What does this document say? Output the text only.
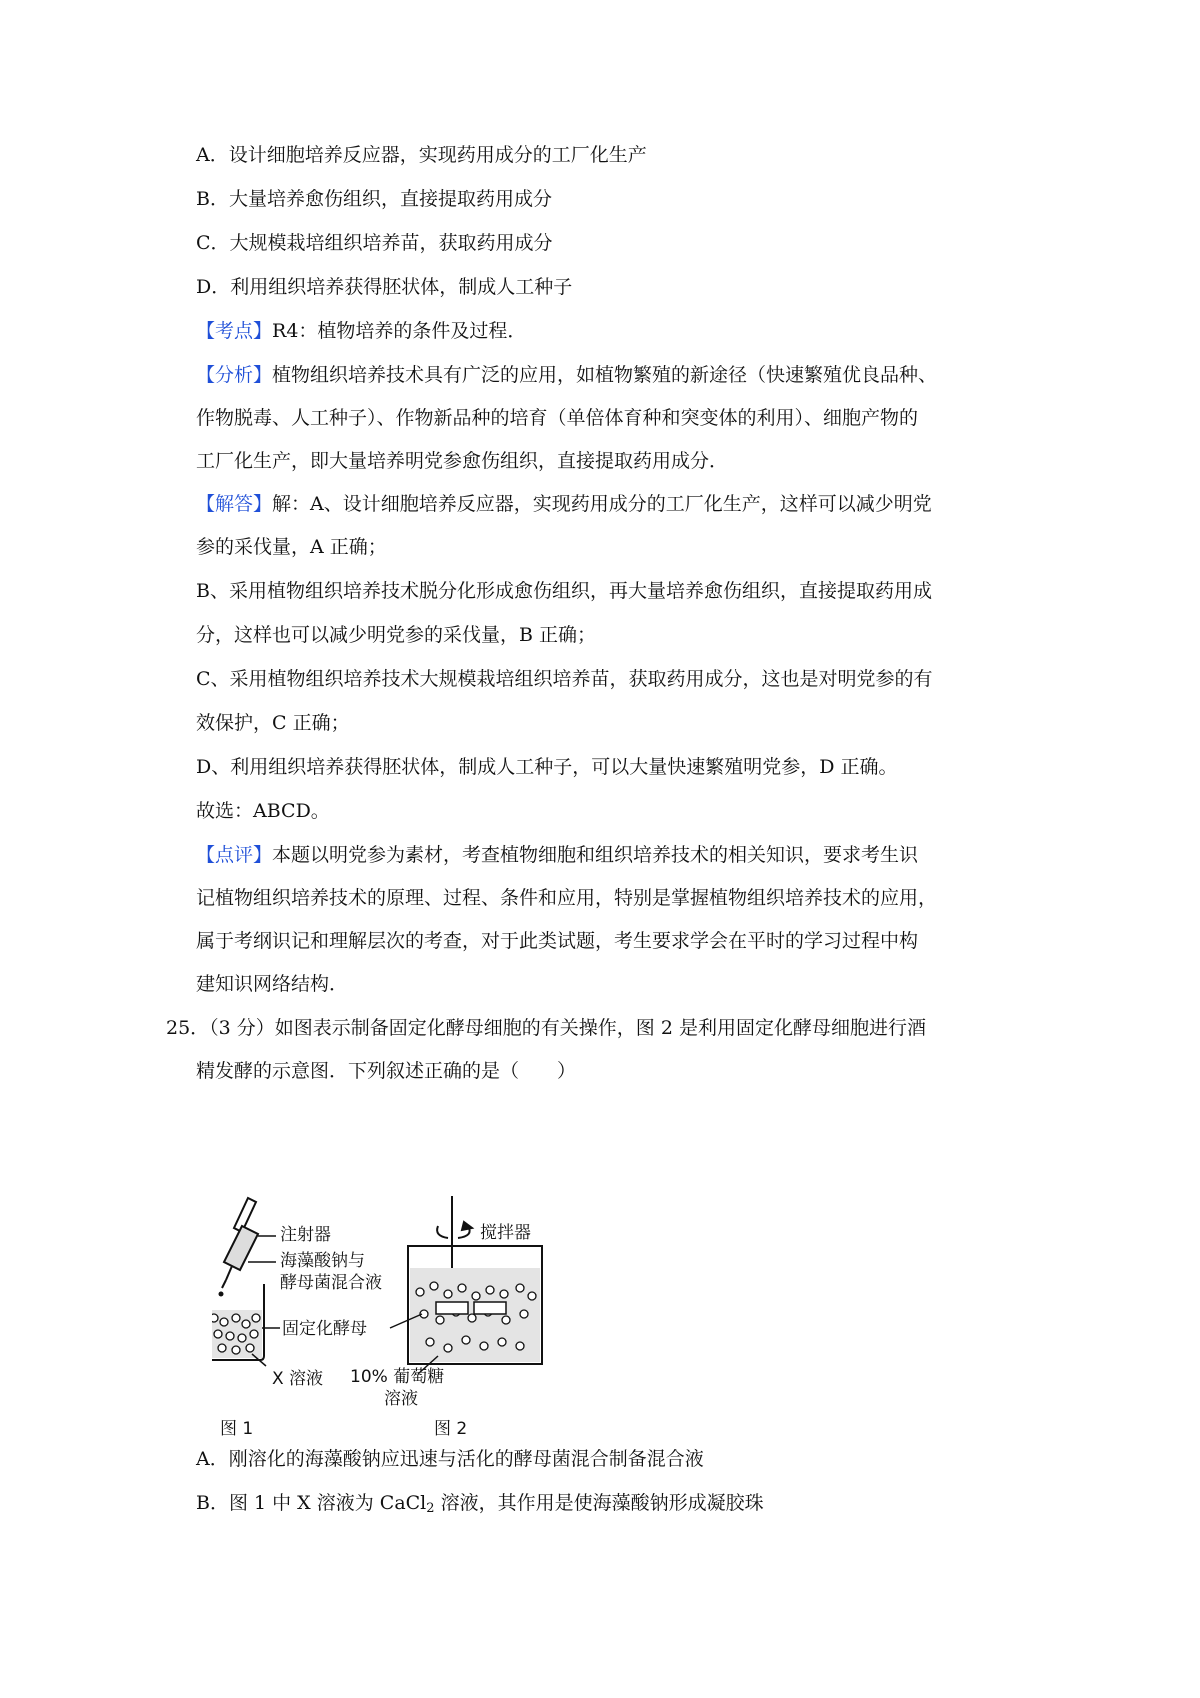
A．设计细胞培养反应器，实现药用成分的工厂化生产
B．大量培养愈伤组织，直接提取药用成分
C．大规模栽培组织培养苗，获取药用成分
D．利用组织培养获得胚状体，制成人工种子
【考点】R4：植物培养的条件及过程．
【分析】植物组织培养技术具有广泛的应用，如植物繁殖的新途径（快速繁殖优良品种、
作物脱毒、人工种子）、作物新品种的培育（单倍体育种和突变体的利用）、细胞产物的
工厂化生产，即大量培养明党参愈伤组织，直接提取药用成分．
【解答】解：A、设计细胞培养反应器，实现药用成分的工厂化生产，这样可以减少明党
参的采伐量，A 正确；
B、采用植物组织培养技术脱分化形成愈伤组织，再大量培养愈伤组织，直接提取药用成
分，这样也可以减少明党参的采伐量，B 正确；
C、采用植物组织培养技术大规模栽培组织培养苗，获取药用成分，这也是对明党参的有
效保护，C 正确；
D、利用组织培养获得胚状体，制成人工种子，可以大量快速繁殖明党参，D 正确。
故选：ABCD。
【点评】本题以明党参为素材，考查植物细胞和组织培养技术的相关知识，要求考生识
记植物组织培养技术的原理、过程、条件和应用，特别是掌握植物组织培养技术的应用，
属于考纲识记和理解层次的考查，对于此类试题，考生要求学会在平时的学习过程中构
建知识网络结构．
25．（3 分）如图表示制备固定化酵母细胞的有关操作，图 2 是利用固定化酵母细胞进行酒
精发酵的示意图．下列叙述正确的是（　　）
注射器
海藻酸钠与
酵母菌混合液
固定化酵母
X 溶液
图 1
搅拌器
10% 葡萄糖
溶液
图 2
A．刚溶化的海藻酸钠应迅速与活化的酵母菌混合制备混合液
B．图 1 中 X 溶液为 CaCl$_2$ 溶液，其作用是使海藻酸钠形成凝胶珠
